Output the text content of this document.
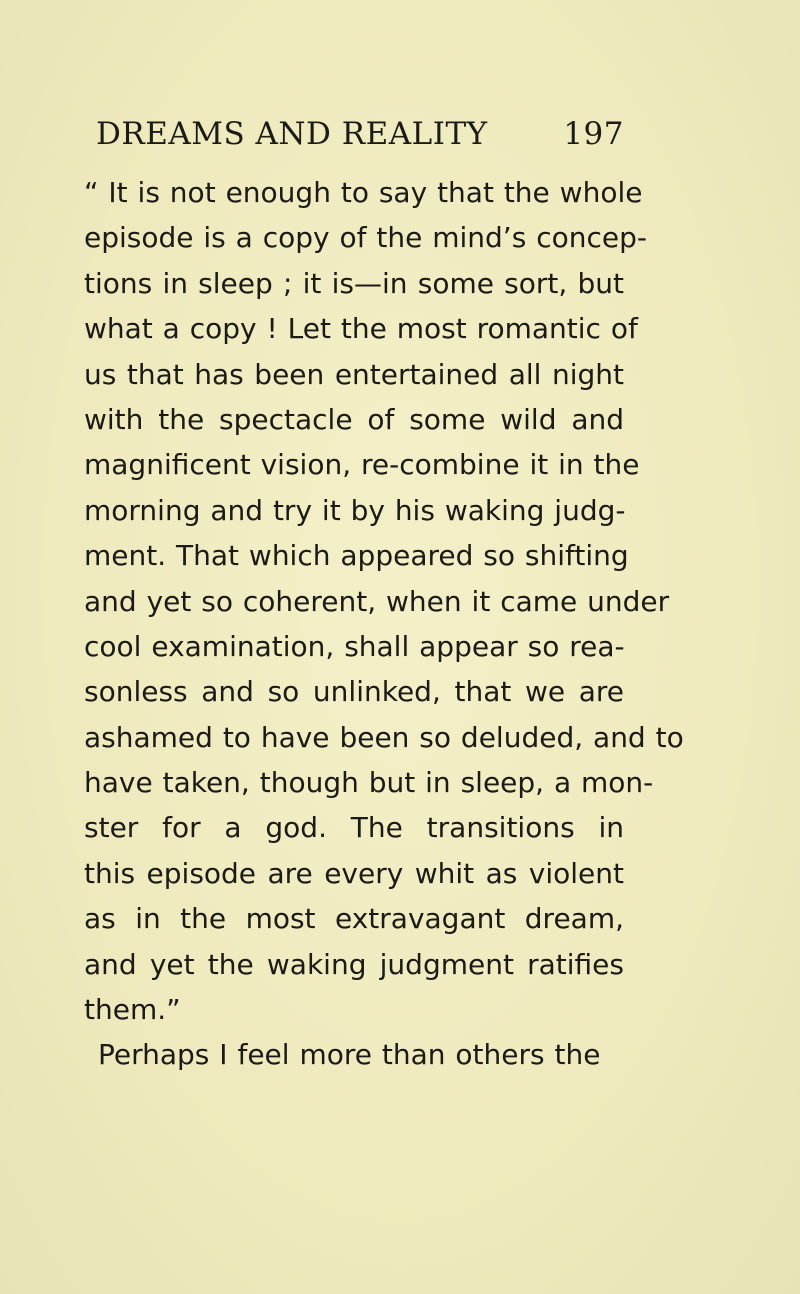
DREAMS AND REALITY 197
“ It is not enough to say that the whole
episode is a copy of the mind’s concep-
tions in sleep ; it is—in some sort, but
what a copy ! Let the most romantic of
us that has been entertained all night
with the spectacle of some wild and
magnificent vision, re-combine it in the
morning and try it by his waking judg-
ment. That which appeared so shifting
and yet so coherent, when it came under
cool examination, shall appear so rea-
sonless and so unlinked, that we are
ashamed to have been so deluded, and to
have taken, though but in sleep, a mon-
ster for a god. The transitions in
this episode are every whit as violent
as in the most extravagant dream,
and yet the waking judgment ratifies
them.”
Perhaps I feel more than others the
